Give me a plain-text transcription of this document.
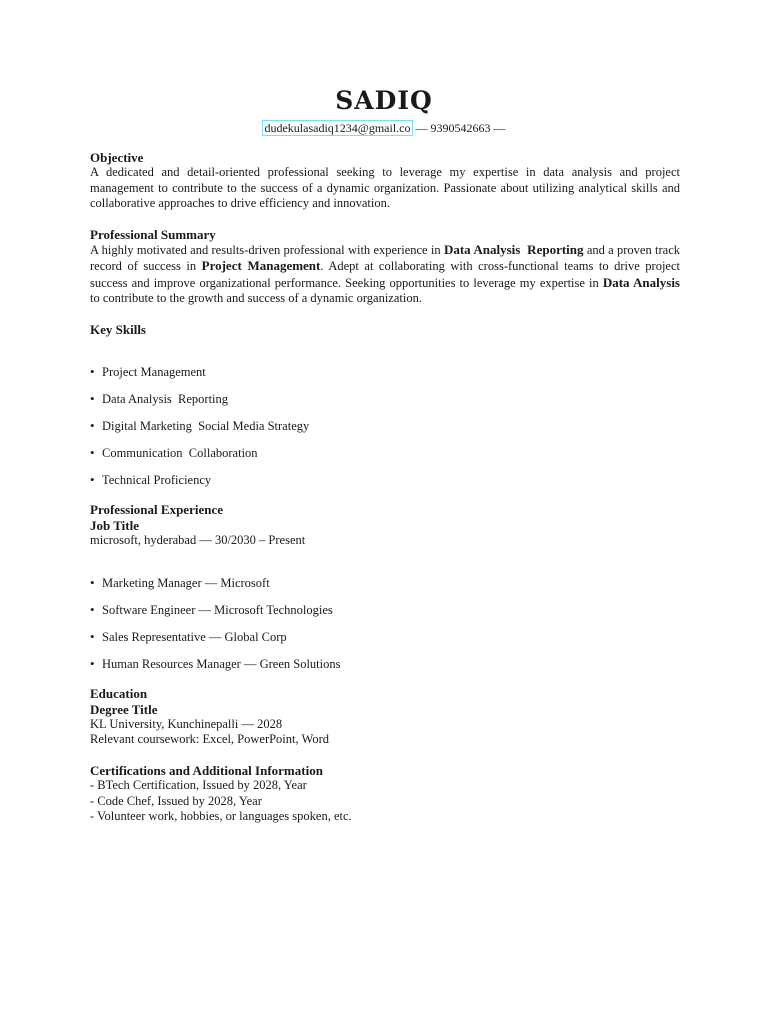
SADIQ
dudekulasadiq1234@gmail.co — 9390542663 —
Objective
A dedicated and detail-oriented professional seeking to leverage my expertise in data analysis and project management to contribute to the success of a dynamic organization. Passionate about utilizing analytical skills and collaborative approaches to drive efficiency and innovation.
Professional Summary
A highly motivated and results-driven professional with experience in Data Analysis  Reporting and a proven track record of success in Project Management. Adept at collaborating with cross-functional teams to drive project success and improve organizational performance. Seeking opportunities to leverage my expertise in Data Analysis to contribute to the growth and success of a dynamic organization.
Key Skills
• Project Management
• Data Analysis  Reporting
• Digital Marketing  Social Media Strategy
• Communication  Collaboration
• Technical Proficiency
Professional Experience
Job Title
microsoft, hyderabad — 30/2030 – Present
• Marketing Manager — Microsoft
• Software Engineer — Microsoft Technologies
• Sales Representative — Global Corp
• Human Resources Manager — Green Solutions
Education
Degree Title
KL University, Kunchinepalli — 2028
Relevant coursework: Excel, PowerPoint, Word
Certifications and Additional Information
- BTech Certification, Issued by 2028, Year
- Code Chef, Issued by 2028, Year
- Volunteer work, hobbies, or languages spoken, etc.
